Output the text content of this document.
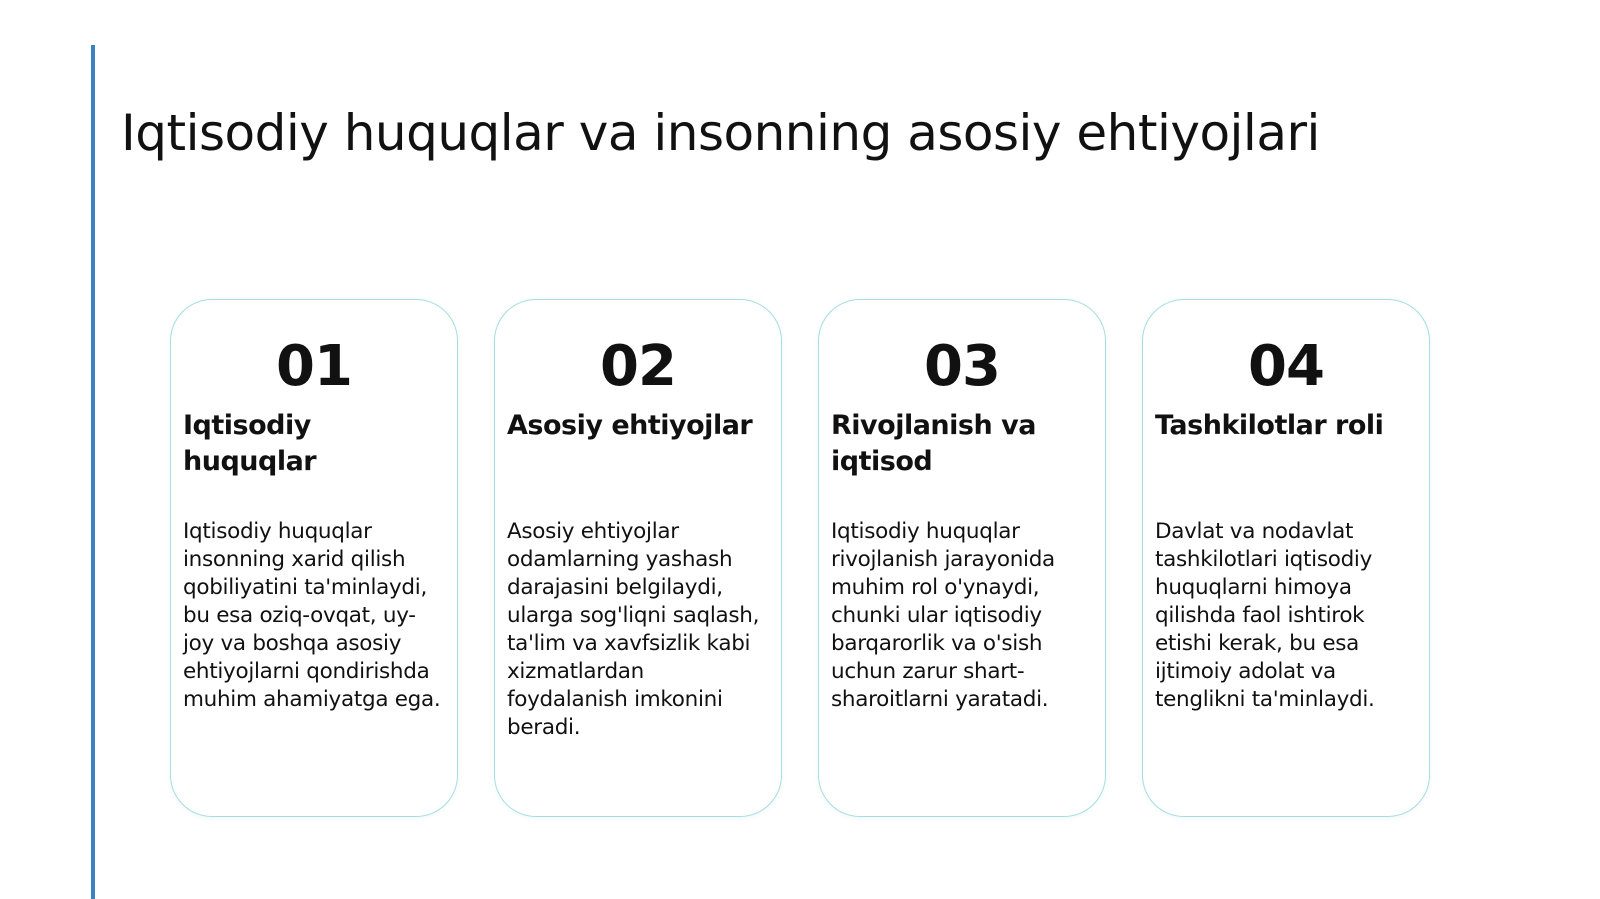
Iqtisodiy huquqlar va insonning asosiy ehtiyojlari
01
Iqtisodiy huquqlar
Iqtisodiy huquqlar insonning xarid qilish qobiliyatini ta'minlaydi, bu esa oziq-ovqat, uy-joy va boshqa asosiy ehtiyojlarni qondirishda muhim ahamiyatga ega.
02
Asosiy ehtiyojlar
Asosiy ehtiyojlar odamlarning yashash darajasini belgilaydi, ularga sog'liqni saqlash, ta'lim va xavfsizlik kabi xizmatlardan foydalanish imkonini beradi.
03
Rivojlanish va iqtisod
Iqtisodiy huquqlar rivojlanish jarayonida muhim rol o'ynaydi, chunki ular iqtisodiy barqarorlik va o'sish uchun zarur shart-sharoitlarni yaratadi.
04
Tashkilotlar roli
Davlat va nodavlat tashkilotlari iqtisodiy huquqlarni himoya qilishda faol ishtirok etishi kerak, bu esa ijtimoiy adolat va tenglikni ta'minlaydi.
